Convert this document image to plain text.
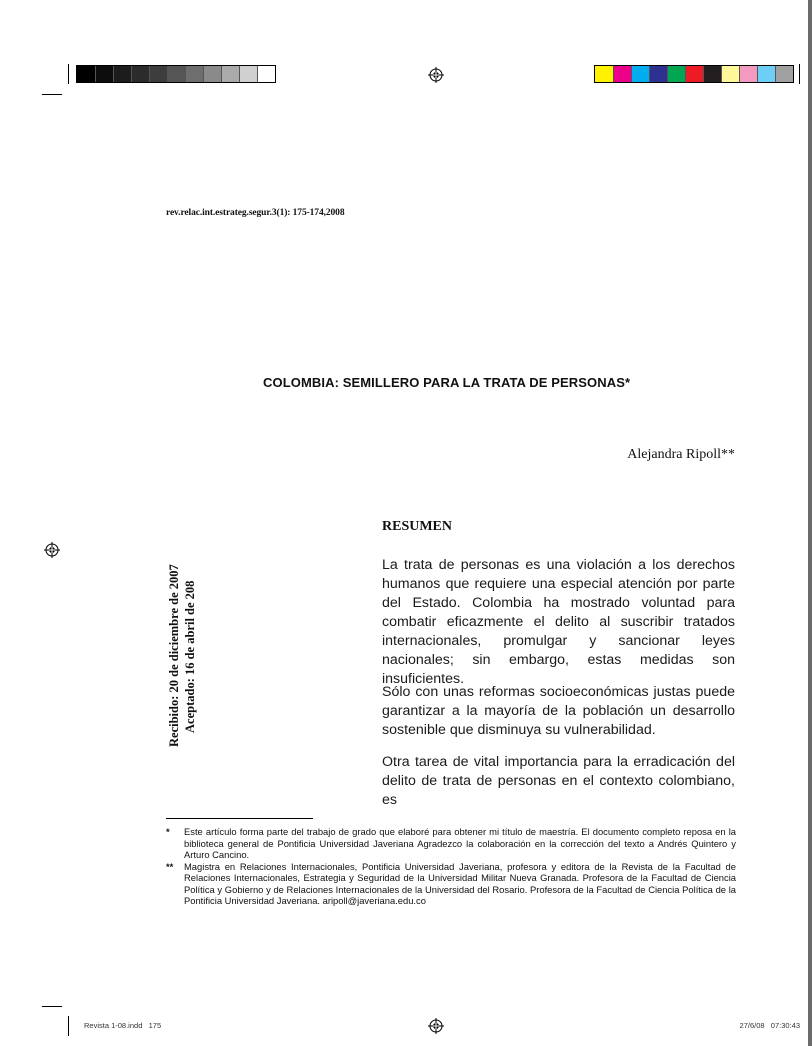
rev.relac.int.estrateg.segur.3(1): 175-174,2008
COLOMBIA: SEMILLERO PARA LA TRATA DE PERSONAS*
Alejandra Ripoll**
Recibido: 20 de diciembre de 2007 Aceptado: 16 de abril de 208
RESUMEN
La trata de personas es una violación a los derechos humanos que requiere una especial atención por parte del Estado. Colombia ha mostrado voluntad para combatir eficazmente el delito al suscribir tratados internacionales, promulgar y sancionar leyes nacionales; sin embargo, estas medidas son insuficientes.
Sólo con unas reformas socioeconómicas justas puede garantizar a la mayoría de la población un desarrollo sostenible que disminuya su vulnerabilidad.
Otra tarea de vital importancia para la erradicación del delito de trata de personas en el contexto colombiano, es
*	Este artículo forma parte del trabajo de grado que elaboré para obtener mi título de maestría. El documento completo reposa en la biblioteca general de Pontificia Universidad Javeriana Agradezco la colaboración en la corrección del texto a Andrés Quintero y Arturo Cancino.
**	Magistra en Relaciones Internacionales, Pontificia Universidad Javeriana, profesora y editora de la Revista de la Facultad de Relaciones Internacionales, Estrategia y Seguridad de la Universidad Militar Nueva Granada. Profesora de la Facultad de Ciencia Política y Gobierno y de Relaciones Internacionales de la Universidad del Rosario. Profesora de la Facultad de Ciencia Política de la Pontificia Universidad Javeriana. aripoll@javeriana.edu.co
Revista 1-08.indd   175	27/6/08   07:30:43
